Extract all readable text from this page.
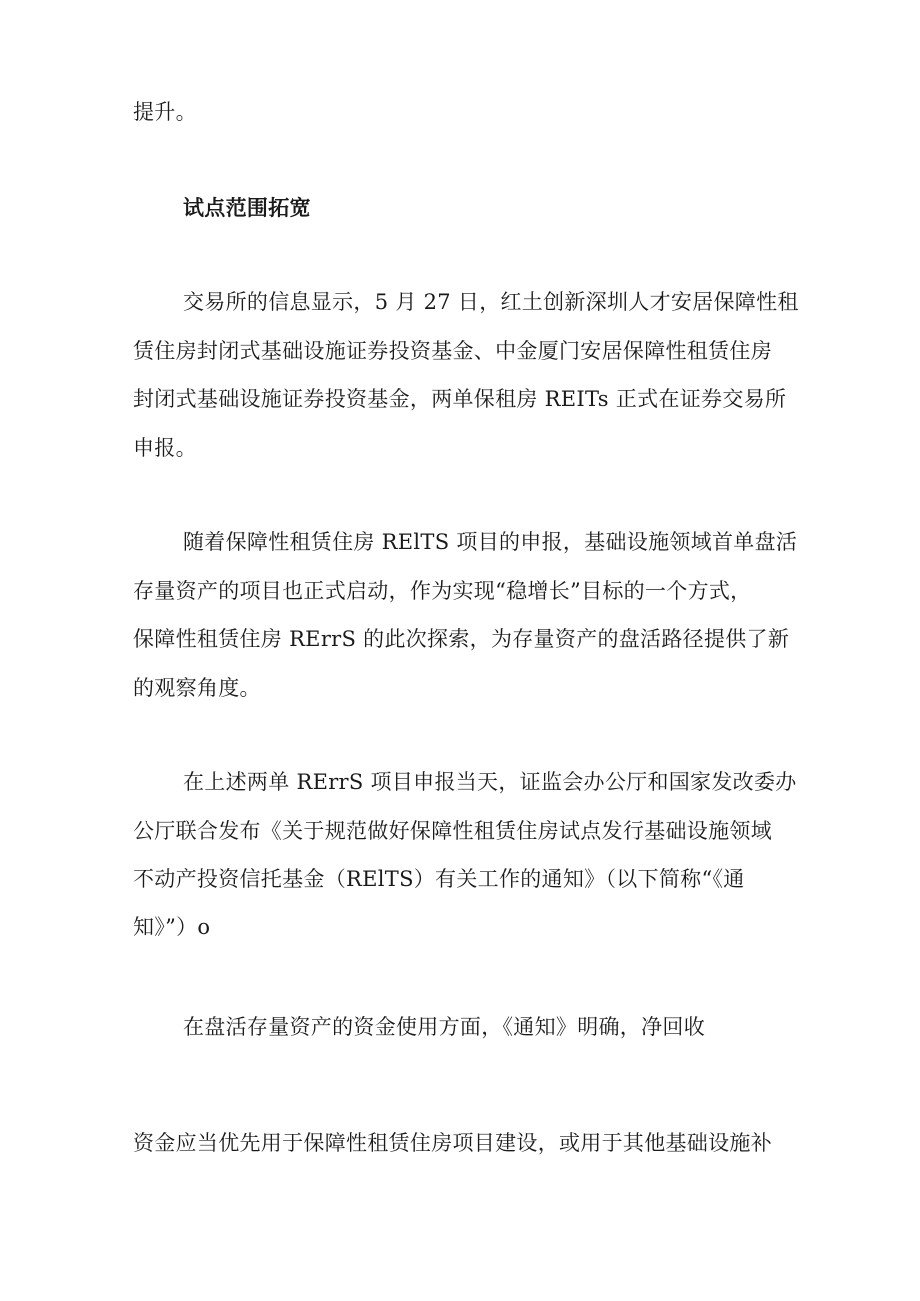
提升。
试点范围拓宽
交易所的信息显示，5 月 27 日，红土创新深圳人才安居保障性租
赁住房封闭式基础设施证券投资基金、中金厦门安居保障性租赁住房
封闭式基础设施证券投资基金，两单保租房 REITs 正式在证券交易所
申报。
随着保障性租赁住房 RElTS 项目的申报，基础设施领域首单盘活
存量资产的项目也正式启动，作为实现“稳增长”目标的一个方式，
保障性租赁住房 RErrS 的此次探索，为存量资产的盘活路径提供了新
的观察角度。
在上述两单 RErrS 项目申报当天，证监会办公厅和国家发改委办
公厅联合发布《关于规范做好保障性租赁住房试点发行基础设施领域
不动产投资信托基金（RElTS）有关工作的通知》（以下简称“《通
知》”）o
在盘活存量资产的资金使用方面，《通知》明确，净回收
资金应当优先用于保障性租赁住房项目建设，或用于其他基础设施补
